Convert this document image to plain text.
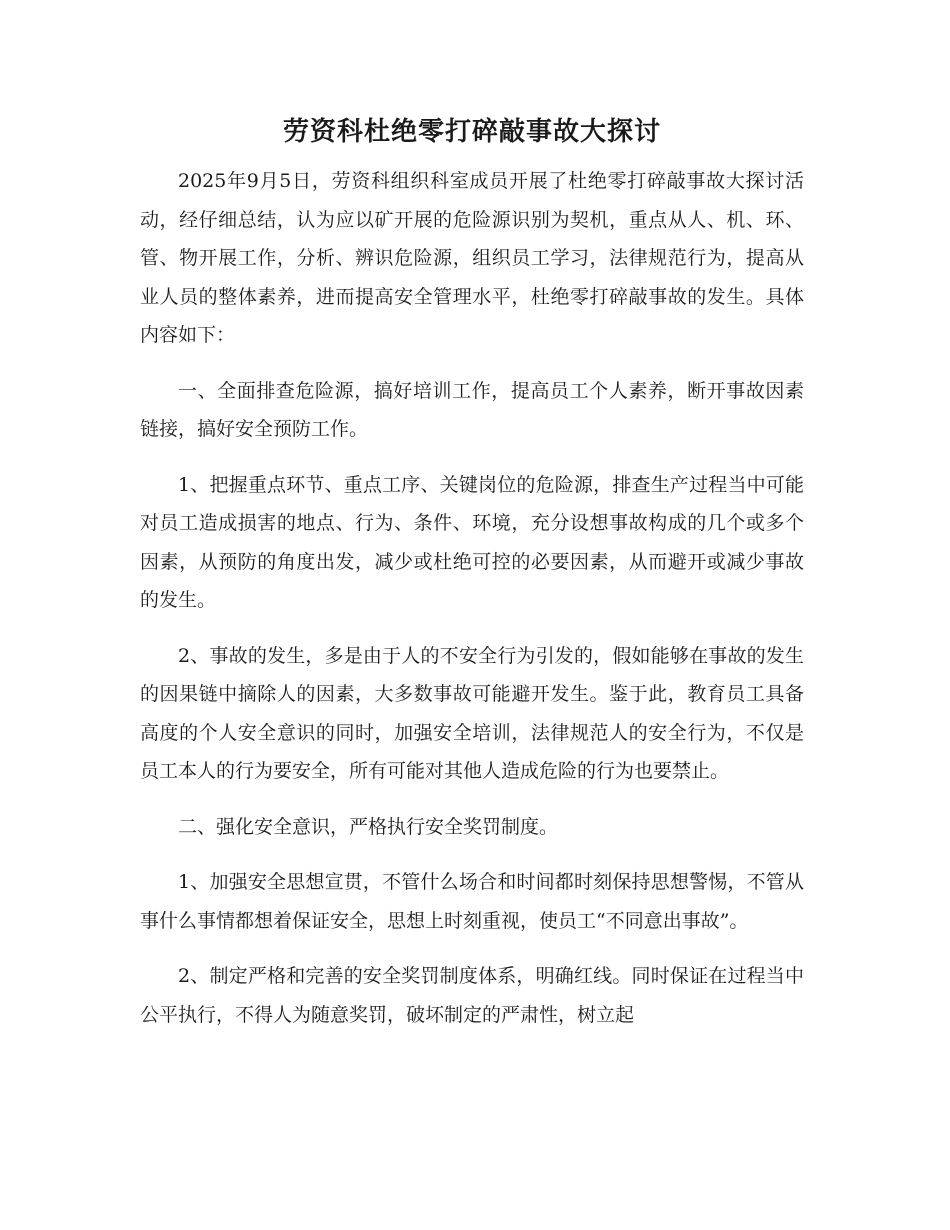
劳资科杜绝零打碎敲事故大探讨

2025年9月5日，劳资科组织科室成员开展了杜绝零打碎敲事故大探讨活动，经仔细总结，认为应以矿开展的危险源识别为契机，重点从人、机、环、管、物开展工作，分析、辨识危险源，组织员工学习，法律规范行为，提高从业人员的整体素养，进而提高安全管理水平，杜绝零打碎敲事故的发生。具体内容如下：

一、全面排查危险源，搞好培训工作，提高员工个人素养，断开事故因素链接，搞好安全预防工作。

1、把握重点环节、重点工序、关键岗位的危险源，排查生产过程当中可能对员工造成损害的地点、行为、条件、环境，充分设想事故构成的几个或多个因素，从预防的角度出发，减少或杜绝可控的必要因素，从而避开或减少事故的发生。

2、事故的发生，多是由于人的不安全行为引发的，假如能够在事故的发生的因果链中摘除人的因素，大多数事故可能避开发生。鉴于此，教育员工具备高度的个人安全意识的同时，加强安全培训，法律规范人的安全行为，不仅是员工本人的行为要安全，所有可能对其他人造成危险的行为也要禁止。

二、强化安全意识，严格执行安全奖罚制度。

1、加强安全思想宣贯，不管什么场合和时间都时刻保持思想警惕，不管从事什么事情都想着保证安全，思想上时刻重视，使员工“不同意出事故”。

2、制定严格和完善的安全奖罚制度体系，明确红线。同时保证在过程当中公平执行，不得人为随意奖罚，破坏制定的严肃性，树立起
